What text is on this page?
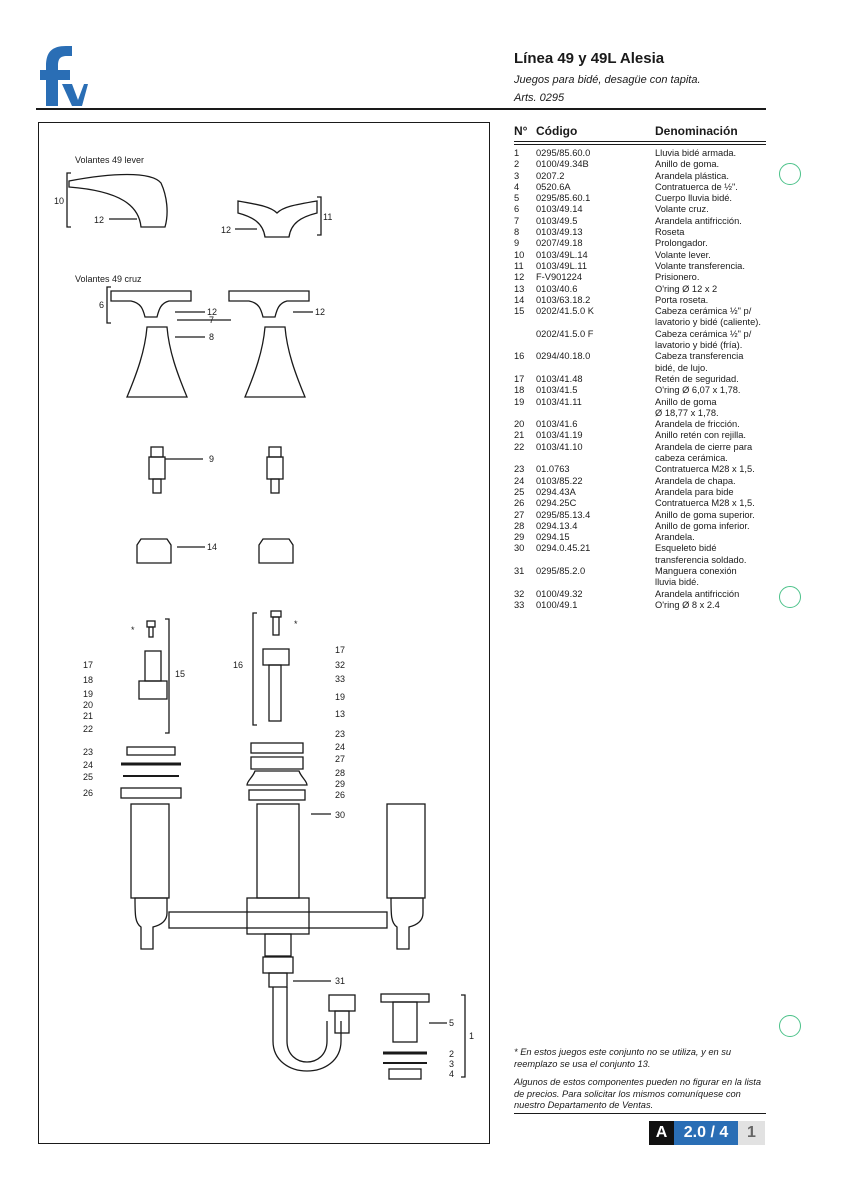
Línea 49 y 49L Alesia
Juegos para bidé, desagüe con tapita.
Arts. 0295
Volantes 49 lever
Volantes 49 cruz
10
12
12
11
6
12	12
7
8
9
14
*
*
15
16
17
18
19
20
21
22
17
32
33
19
13
23
24
25
26
23
24
27
28
29
26
30
31
5
1
2
3
4
N° Código	Denominación
1 0295/85.60.0	Lluvia bidé armada.
2 0100/49.34B	Anillo de goma.
3 0207.2	Arandela plástica.
4 0520.6A	Contratuerca de ½".
5 0295/85.60.1	Cuerpo lluvia bidé.
6 0103/49.14	Volante cruz.
7 0103/49.5	Arandela antifricción.
8 0103/49.13	Roseta
9 0207/49.18	Prolongador.
10 0103/49L.14	Volante lever.
11 0103/49L.11	Volante transferencia.
12 F-V901224	Prisionero.
13 0103/40.6	O'ring Ø 12 x 2
14 0103/63.18.2	Porta roseta.
15 0202/41.5.0 K	Cabeza cerámica ½" p/
lavatorio y bidé (caliente).
0202/41.5.0 F	Cabeza cerámica ½" p/
lavatorio y bidé (fría).
16 0294/40.18.0	Cabeza transferencia
bidé, de lujo.
17 0103/41.48	Retén de seguridad.
18 0103/41.5	O'ring Ø 6,07 x 1,78.
19 0103/41.11	Anillo de goma
Ø 18,77 x 1,78.
20 0103/41.6	Arandela de fricción.
21 0103/41.19	Anillo retén con rejilla.
22 0103/41.10	Arandela de cierre para
cabeza cerámica.
23 01.0763	Contratuerca M28 x 1,5.
24 0103/85.22	Arandela de chapa.
25 0294.43A	Arandela para bide
26 0294.25C	Contratuerca M28 x 1,5.
27 0295/85.13.4	Anillo de goma superior.
28 0294.13.4	Anillo de goma inferior.
29 0294.15	Arandela.
30 0294.0.45.21	Esqueleto bidé
transferencia soldado.
31 0295/85.2.0	Manguera conexión
lluvia bidé.
32 0100/49.32	Arandela antifricción
33 0100/49.1	O'ring Ø 8 x 2.4

* En estos juegos este conjunto no se utiliza, y en su reemplazo se usa el conjunto 13.

Algunos de estos componentes pueden no figurar en la lista de precios. Para solicitar los mismos comuníquese con nuestro Departamento de Ventas.

A	2.0 / 4	1
